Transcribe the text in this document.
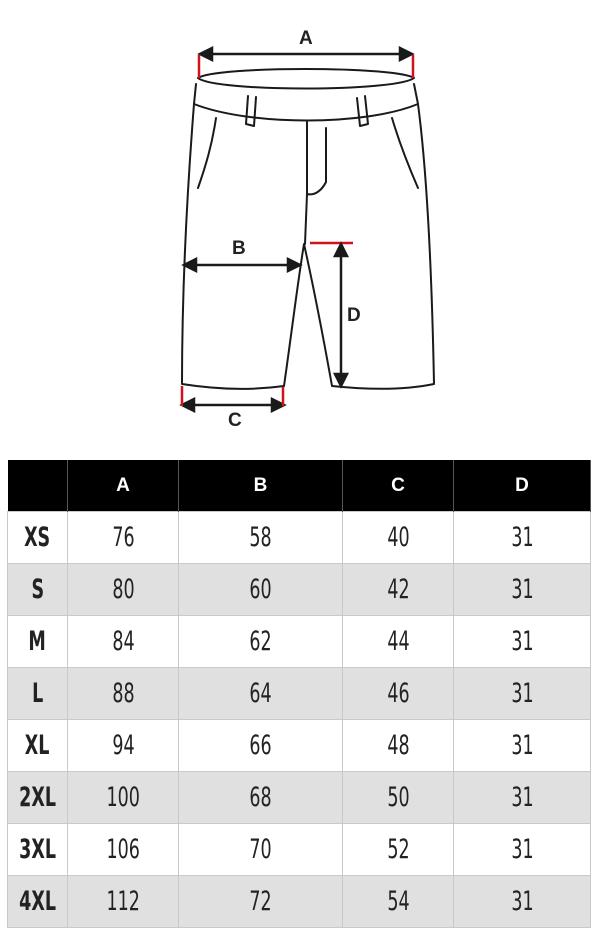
A
B
C
D
	A	B	C	D
XS	76	58	40	31
S	80	60	42	31
M	84	62	44	31
L	88	64	46	31
XL	94	66	48	31
2XL	100	68	50	31
3XL	106	70	52	31
4XL	112	72	54	31
